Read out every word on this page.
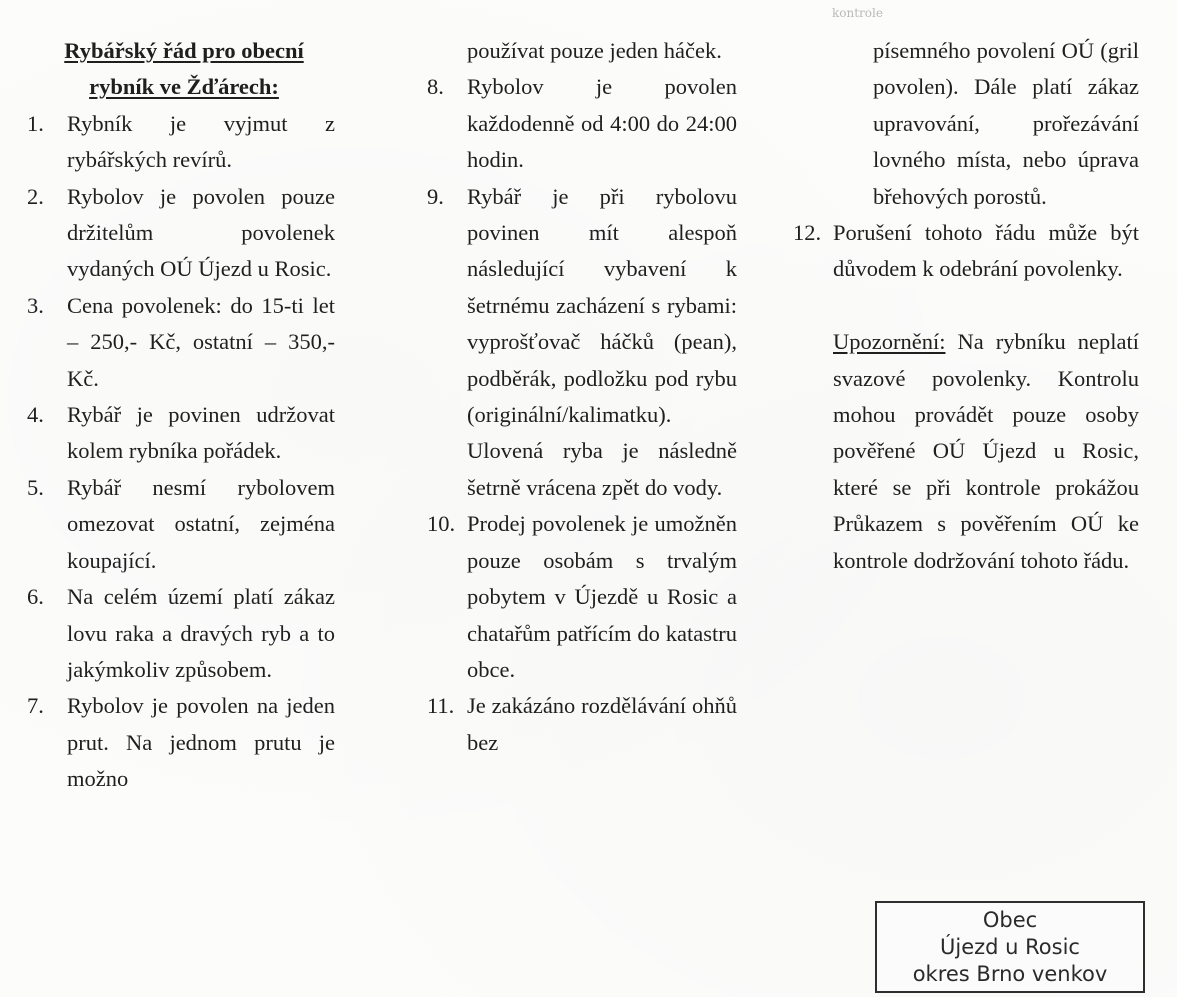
kontrole
Rybářský řád pro obecní
rybník ve Žďárech:
1. Rybník je vyjmut z rybářských revírů.
2. Rybolov je povolen pouze držitelům povolenek vydaných OÚ Újezd u Rosic.
3. Cena povolenek: do 15-ti let – 250,- Kč, ostatní – 350,- Kč.
4. Rybář je povinen udržovat kolem rybníka pořádek.
5. Rybář nesmí rybolovem omezovat ostatní, zejména koupající.
6. Na celém území platí zákaz lovu raka a dravých ryb a to jakýmkoliv způsobem.
7. Rybolov je povolen na jeden prut. Na jednom prutu je možno
používat pouze jeden háček.
8. Rybolov je povolen každodenně od 4:00 do 24:00 hodin.
9. Rybář je při rybolovu povinen mít alespoň následující vybavení k šetrnému zacházení s rybami: vyprošťovač háčků (pean), podběrák, podložku pod rybu (originální/kalimatku). Ulovená ryba je následně šetrně vrácena zpět do vody.
10. Prodej povolenek je umožněn pouze osobám s trvalým pobytem v Újezdě u Rosic a chatařům patřícím do katastru obce.
11. Je zakázáno rozdělávání ohňů bez
písemného povolení OÚ (gril povolen). Dále platí zákaz upravování, prořezávání lovného místa, nebo úprava břehových porostů.
12. Porušení tohoto řádu může být důvodem k odebrání povolenky.

Upozornění: Na rybníku neplatí svazové povolenky. Kontrolu mohou provádět pouze osoby pověřené OÚ Újezd u Rosic, které se při kontrole prokážou Průkazem s pověřením OÚ ke kontrole dodržování tohoto řádu.

Obec
Újezd u Rosic
okres Brno venkov
